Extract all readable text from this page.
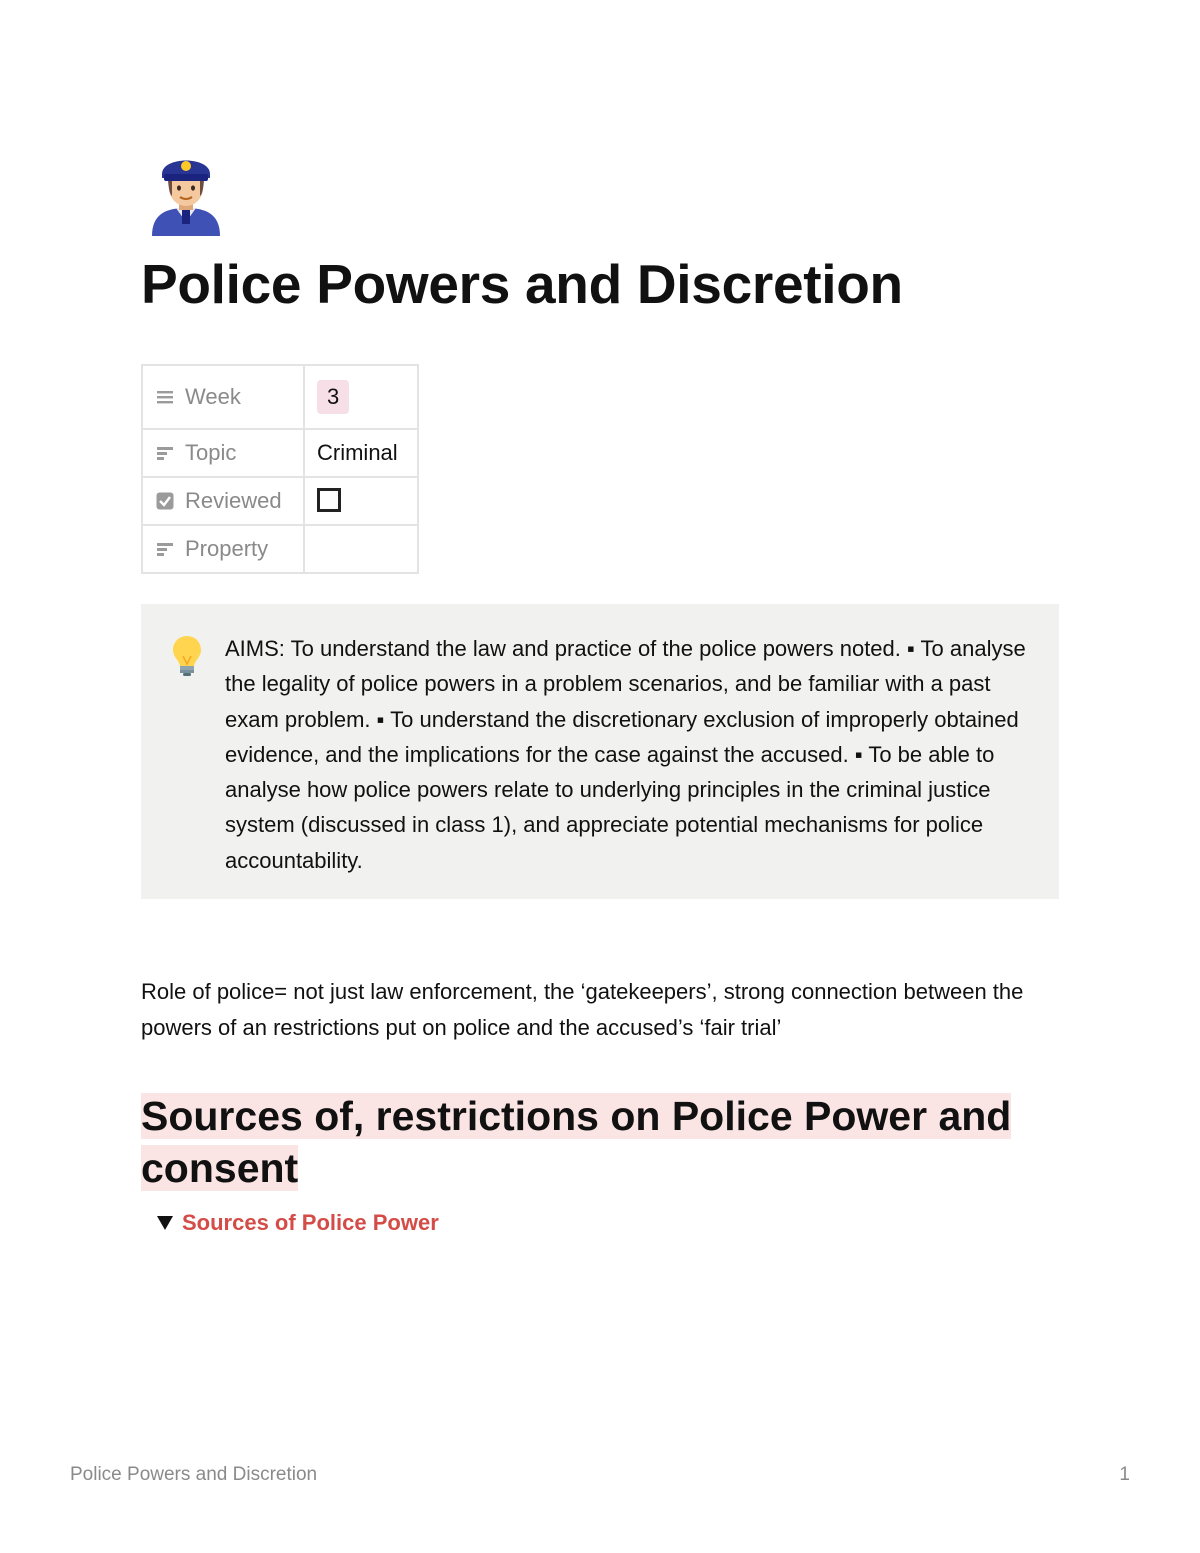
Police Powers and Discretion
Week	3
Topic	Criminal
Reviewed	
Property	

AIMS: To understand the law and practice of the police powers noted. ▪ To analyse the legality of police powers in a problem scenarios, and be familiar with a past exam problem. ▪ To understand the discretionary exclusion of improperly obtained evidence, and the implications for the case against the accused. ▪ To be able to analyse how police powers relate to underlying principles in the criminal justice system (discussed in class 1), and appreciate potential mechanisms for police accountability.

Role of police= not just law enforcement, the ‘gatekeepers’, strong connection between the powers of an restrictions put on police and the accused’s ‘fair trial’

Sources of, restrictions on Police Power and consent
Sources of Police Power
Police Powers and Discretion	1
